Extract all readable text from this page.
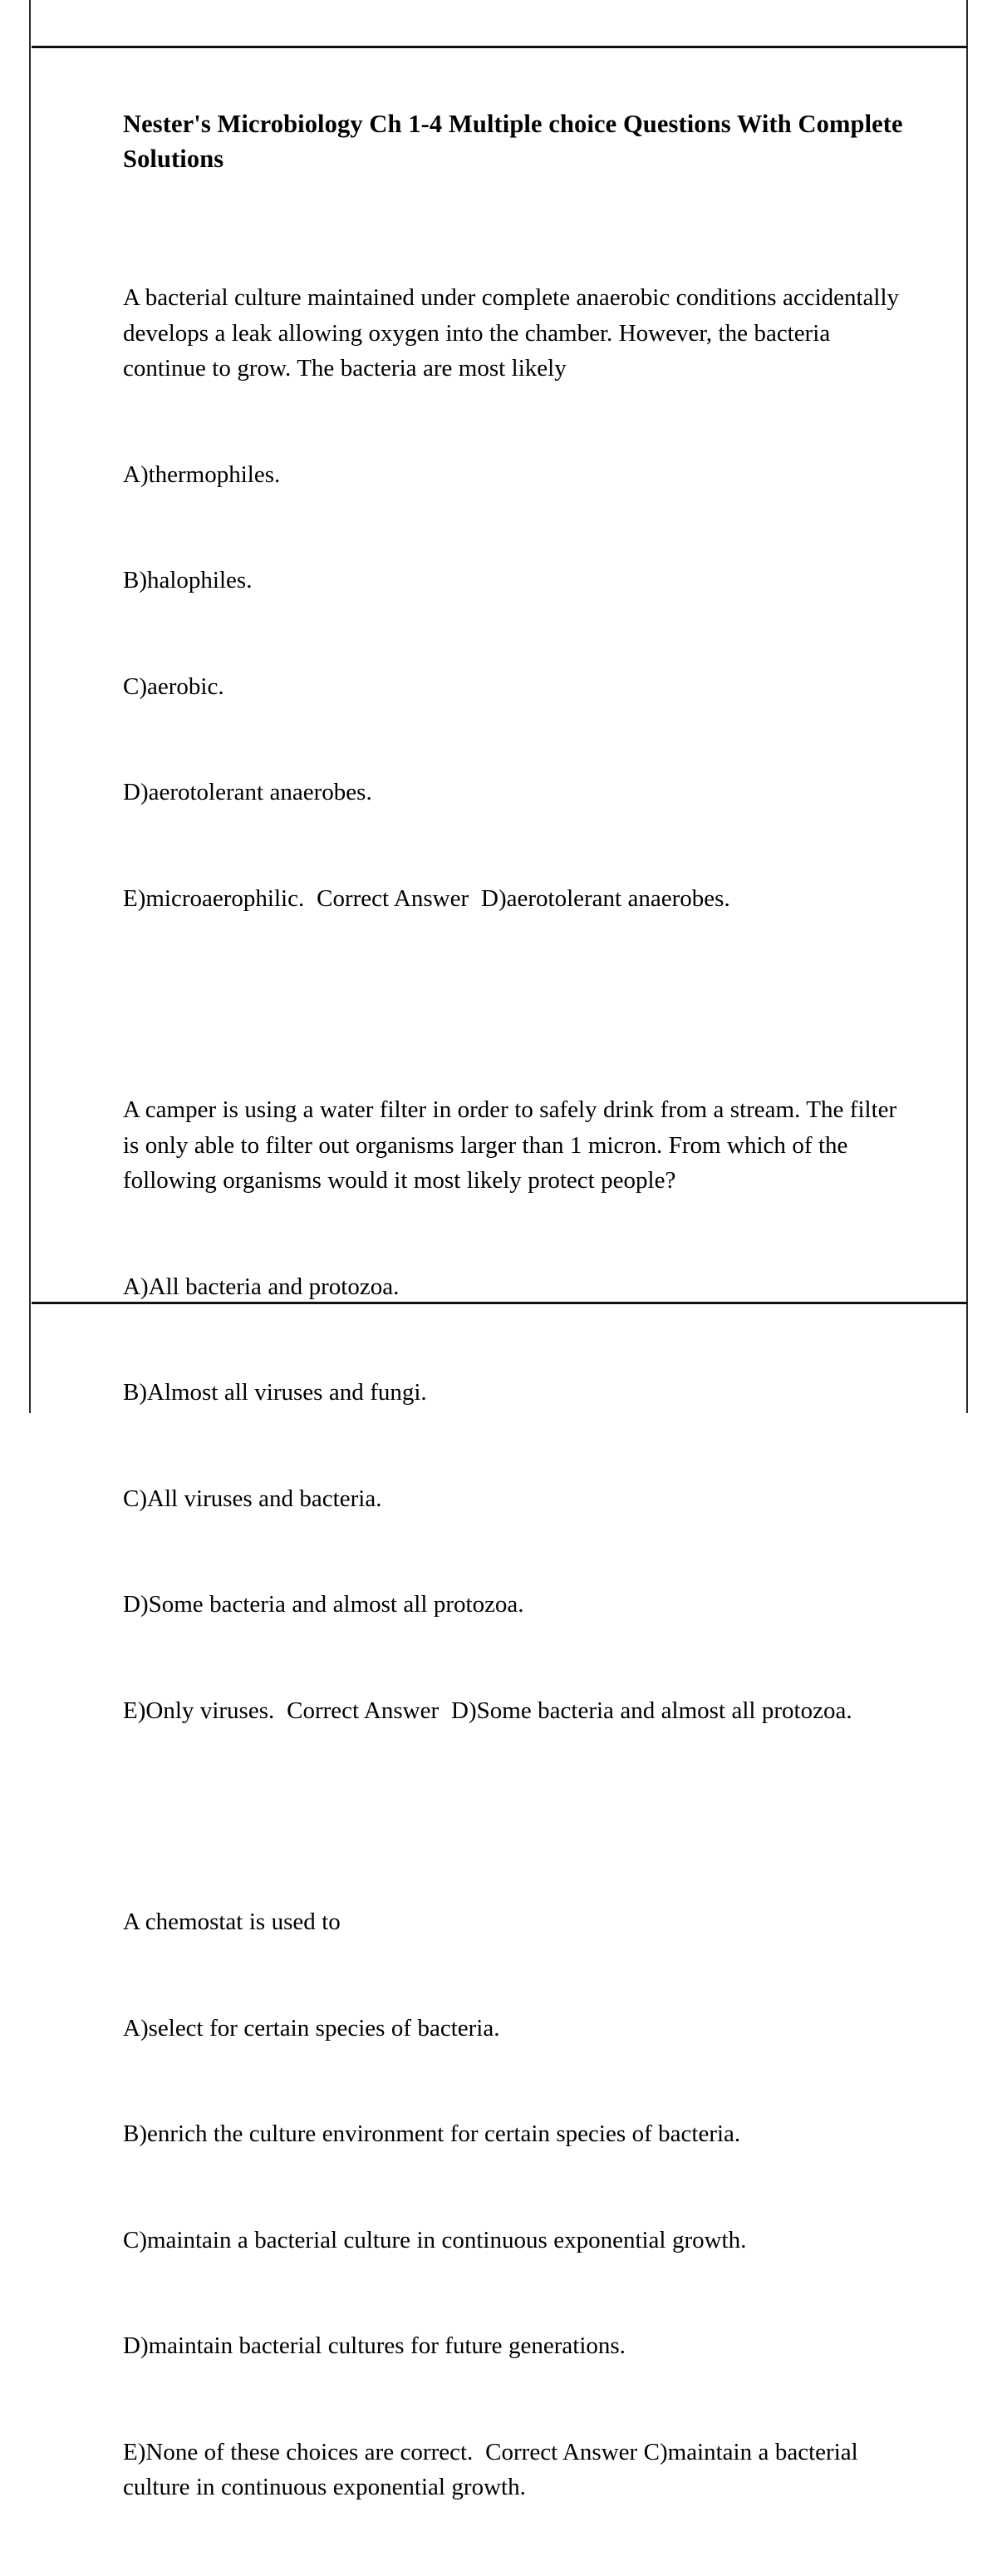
Nester's Microbiology Ch 1-4 Multiple choice Questions With Complete Solutions

A bacterial culture maintained under complete anaerobic conditions accidentally develops a leak allowing oxygen into the chamber. However, the bacteria continue to grow. The bacteria are most likely

A)thermophiles.

B)halophiles.

C)aerobic.

D)aerotolerant anaerobes.

E)microaerophilic.  Correct Answer  D)aerotolerant anaerobes.

A camper is using a water filter in order to safely drink from a stream. The filter is only able to filter out organisms larger than 1 micron. From which of the following organisms would it most likely protect people?

A)All bacteria and protozoa.

B)Almost all viruses and fungi.

C)All viruses and bacteria.

D)Some bacteria and almost all protozoa.

E)Only viruses.  Correct Answer  D)Some bacteria and almost all protozoa.

A chemostat is used to

A)select for certain species of bacteria.

B)enrich the culture environment for certain species of bacteria.

C)maintain a bacterial culture in continuous exponential growth.

D)maintain bacterial cultures for future generations.

E)None of these choices are correct.  Correct Answer C)maintain a bacterial culture in continuous exponential growth.
